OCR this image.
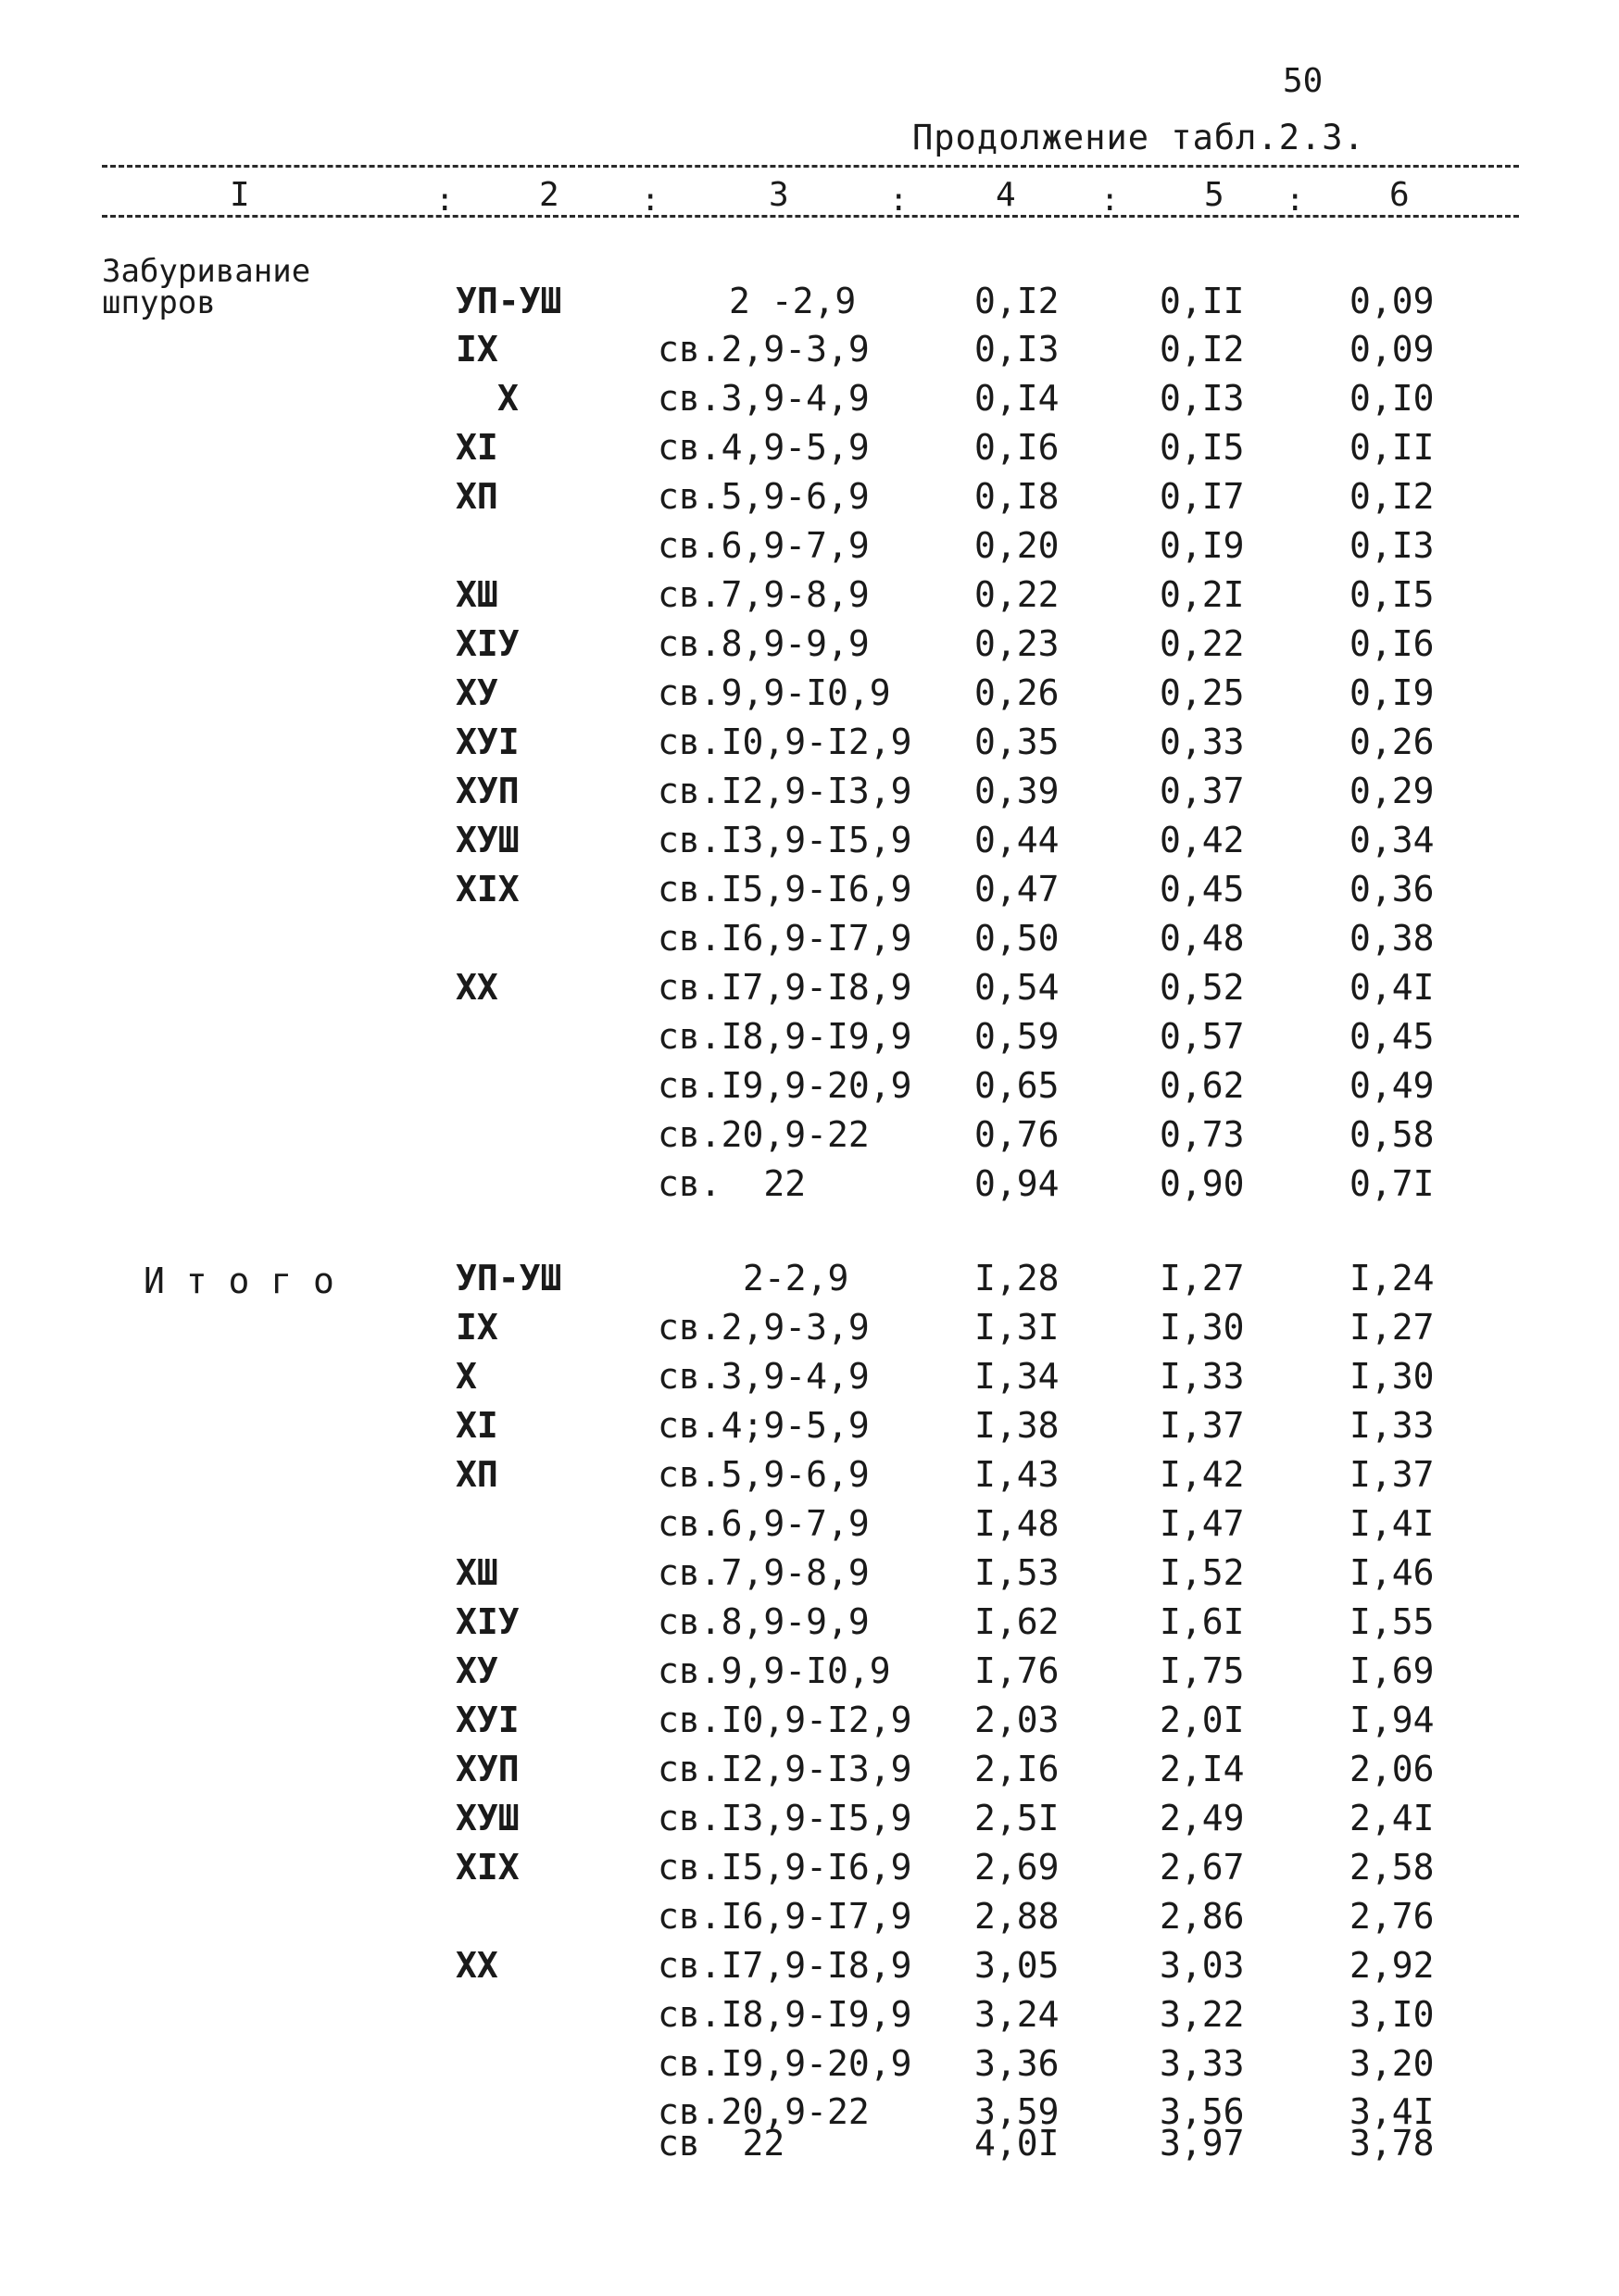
50
Продолжение табл.2.3.
I	:	2	:	3	:	4	:	5 :	6
Забуривание
шпуров	УП-УШ	2 -2,9	0,I2	0,II	0,09
IX	св.2,9-3,9	0,I3	0,I2	0,09
X	св.3,9-4,9	0,I4	0,I3	0,I0
XI	св.4,9-5,9	0,I6	0,I5	0,II
XП	св.5,9-6,9	0,I8	0,I7	0,I2
св.6,9-7,9	0,20	0,I9	0,I3
XШ	св.7,9-8,9	0,22	0,2I	0,I5
XIУ	св.8,9-9,9	0,23	0,22	0,I6
XУ	св.9,9-I0,9 0,26	0,25	0,I9
XУI	св.I0,9-I2,9 0,35	0,33	0,26
XУП	св.I2,9-I3,9 0,39	0,37	0,29
XУШ	св.I3,9-I5,9 0,44	0,42	0,34
XIX	св.I5,9-I6,9 0,47	0,45	0,36
св.I6,9-I7,9 0,50	0,48	0,38
XX	св.I7,9-I8,9 0,54	0,52	0,4I
св.I8,9-I9,9 0,59	0,57	0,45
св.I9,9-20,9 0,65	0,62	0,49
св.20,9-22	0,76	0,73	0,58
св.  22	0,94	0,90	0,7I
И т о г о	УП-УШ	2-2,9	I,28	I,27	I,24
IX	св.2,9-3,9	I,3I	I,30	I,27
X	св.3,9-4,9	I,34	I,33	I,30
XI	св.4;9-5,9	I,38	I,37	I,33
XП	св.5,9-6,9	I,43	I,42	I,37
св.6,9-7,9	I,48	I,47	I,4I
XШ	св.7,9-8,9	I,53	I,52	I,46
XIУ	св.8,9-9,9	I,62	I,6I	I,55
XУ	св.9,9-I0,9 I,76	I,75	I,69
XУI	св.I0,9-I2,9 2,03	2,0I	I,94
XУП	св.I2,9-I3,9 2,I6	2,I4	2,06
XУШ	св.I3,9-I5,9 2,5I	2,49	2,4I
XIX	св.I5,9-I6,9 2,69	2,67	2,58
св.I6,9-I7,9 2,88	2,86	2,76
XX	св.I7,9-I8,9 3,05	3,03	2,92
св.I8,9-I9,9 3,24	3,22	3,I0
св.I9,9-20,9 3,36	3,33	3,20
св.20,9-22	3,59	3,56	3,4I
св  22	4,0I	3,97	3,78
